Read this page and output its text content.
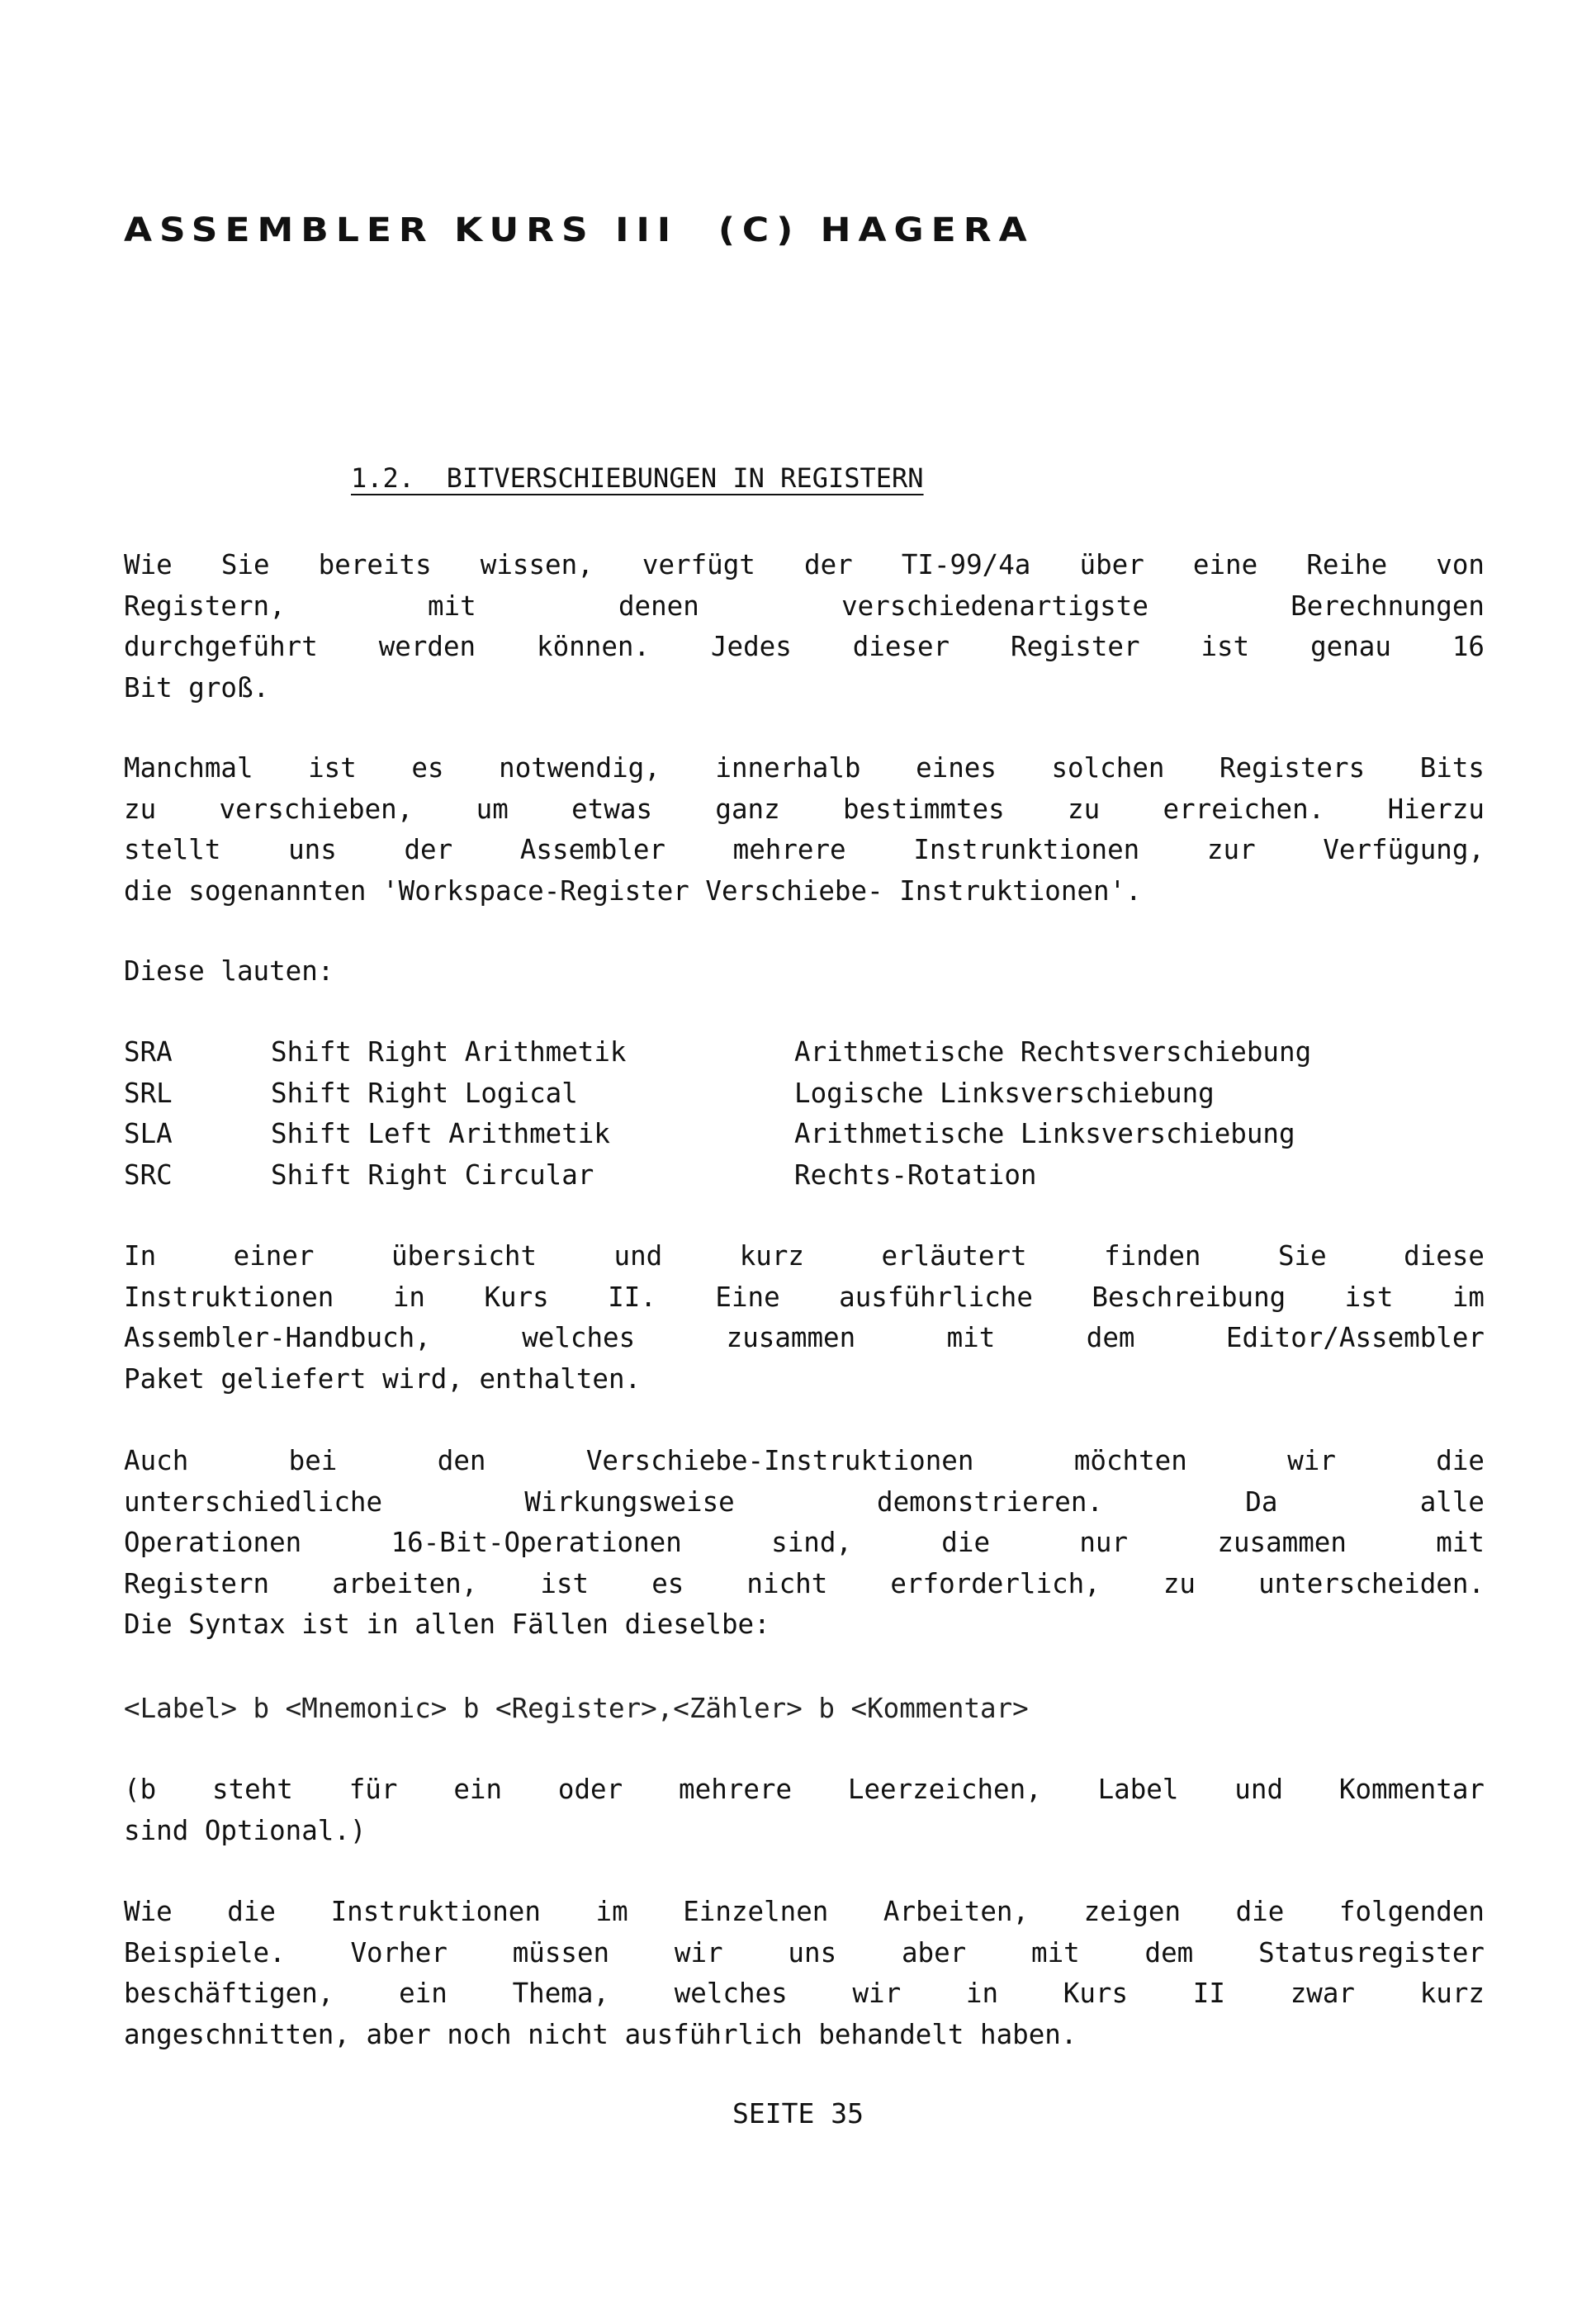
ASSEMBLER KURS III  (C) HAGERA
1.2.  BITVERSCHIEBUNGEN IN REGISTERN
Wie Sie bereits wissen, verfügt der TI-99/4a über eine Reihe von
Registern, mit denen verschiedenartigste Berechnungen
durchgeführt werden können. Jedes dieser Register ist genau 16
Bit groß.
Manchmal ist es notwendig, innerhalb eines solchen Registers Bits
zu verschieben, um etwas ganz bestimmtes zu erreichen. Hierzu
stellt uns der Assembler mehrere Instrunktionen zur Verfügung,
die sogenannten 'Workspace-Register Verschiebe- Instruktionen'.
Diese lauten:
SRA	Shift Right Arithmetik	Arithmetische Rechtsverschiebung
SRL	Shift Right Logical	Logische Linksverschiebung
SLA	Shift Left Arithmetik	Arithmetische Linksverschiebung
SRC	Shift Right Circular	Rechts-Rotation
In einer übersicht und kurz erläutert finden Sie diese
Instruktionen in Kurs II. Eine ausführliche Beschreibung ist im
Assembler-Handbuch, welches zusammen mit dem Editor/Assembler
Paket geliefert wird, enthalten.
Auch bei den Verschiebe-Instruktionen möchten wir die
unterschiedliche Wirkungsweise demonstrieren. Da alle
Operationen 16-Bit-Operationen sind, die nur zusammen mit
Registern arbeiten, ist es nicht erforderlich, zu unterscheiden.
Die Syntax ist in allen Fällen dieselbe:
<Label> b <Mnemonic> b <Register>,<Zähler> b <Kommentar>
(b steht für ein oder mehrere Leerzeichen, Label und Kommentar
sind Optional.)
Wie die Instruktionen im Einzelnen Arbeiten, zeigen die folgenden
Beispiele. Vorher müssen wir uns aber mit dem Statusregister
beschäftigen, ein Thema, welches wir in Kurs II zwar kurz
angeschnitten, aber noch nicht ausführlich behandelt haben.
SEITE 35
